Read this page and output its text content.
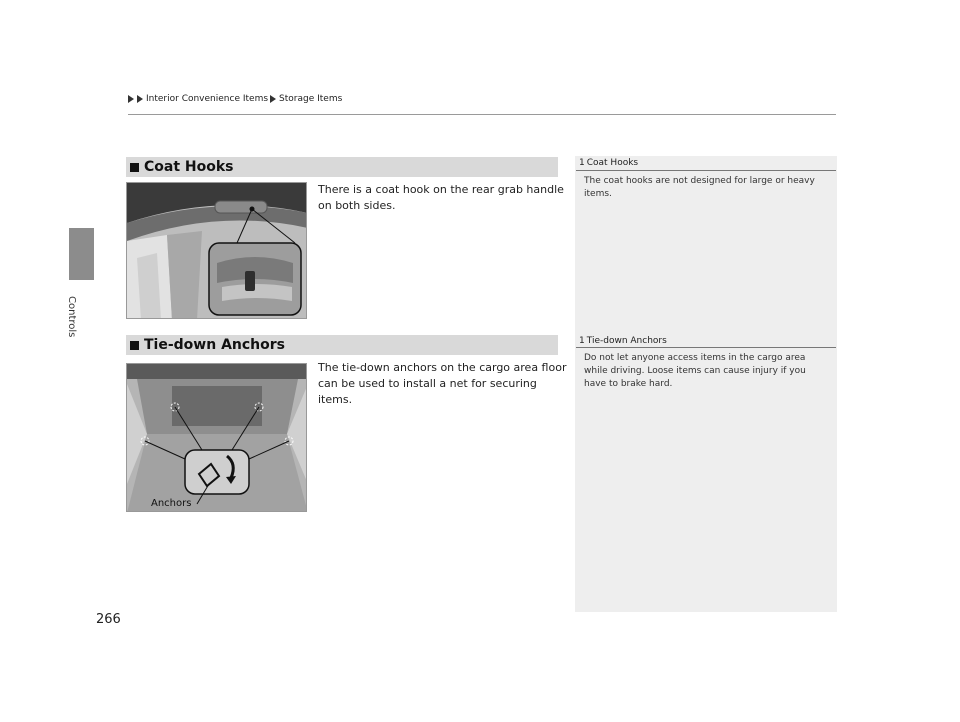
Controls
Interior Convenience Items Storage Items
1 Coat Hooks
The coat hooks are not designed for large or heavy items.
1 Tie-down Anchors
Do not let anyone access items in the cargo area while driving. Loose items can cause injury if you have to brake hard.
Coat Hooks
There is a coat hook on the rear grab handle on both sides.
Tie-down Anchors
The tie-down anchors on the cargo area floor can be used to install a net for securing items.
Anchors
266
